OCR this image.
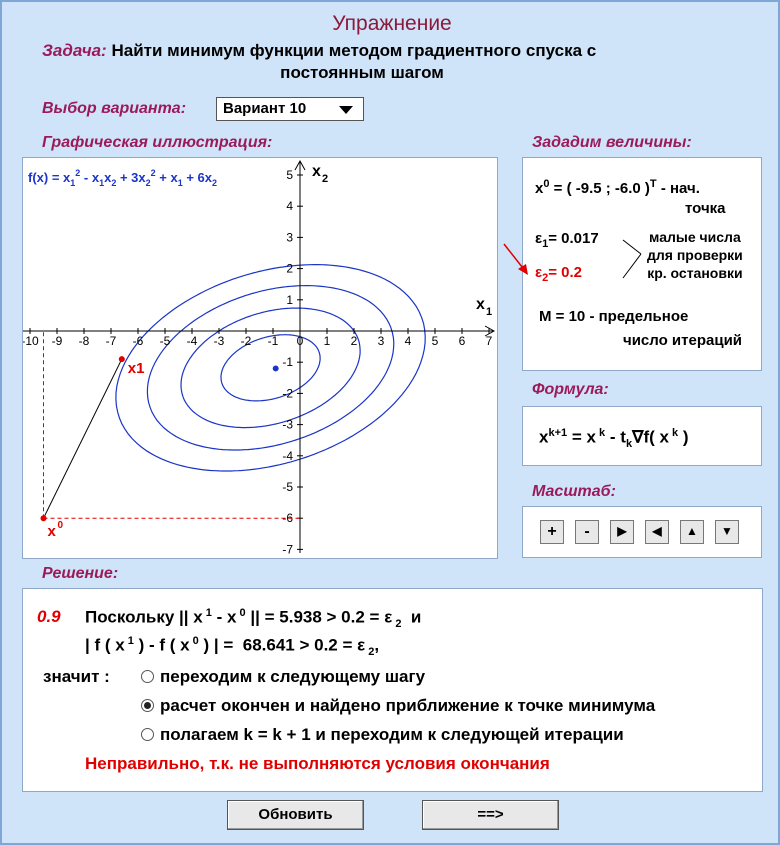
Упражнение
Задача: Найти минимум функции методом градиентного спуска с
постоянным шагом
Выбор варианта:	Вариант 10
Графическая иллюстрация:
-10 -9 -8 -7 -6 -5 -4 -3 -2 -1 0 1 2 3 4 5 6 7
5
4
3
2
1
-1
-2
-3
-4
-5
-6
-7
x 1
x 2
x 0
x1
$f(x) = x_1^2 - x_1x_2 + 3x_2^2 + x_1 + 6x_2$
Зададим величины:
$x^0$ = ( -9.5 ; -6.0 )$^T$ - нач.
точка
$\varepsilon_1= 0.017$
$\varepsilon_2= 0.2$
малые числа
для проверки
кр. остановки
M = 10 - предельное
число итераций
Формула:
$x^{k+1} = x$ $^k - t_k\nabla f$( x $^k$ )
Масштаб:
+	-	▶	◀	▲	▼
Решение:
0.9 Поскольку || x $^1$ - x $^0$ || = 5.938 > 0.2 = ε $_2$  и
| f ( x $^1$ ) - f ( x $^0$ ) | =  68.641 > 0.2 = ε $_2$,
значит :	переходим к следующему шагу
расчет окончен и найдено приближение к точке минимума
полагаем k = k + 1 и переходим к следующей итерации
Неправильно, т.к. не выполняются условия окончания
Обновить	==>
